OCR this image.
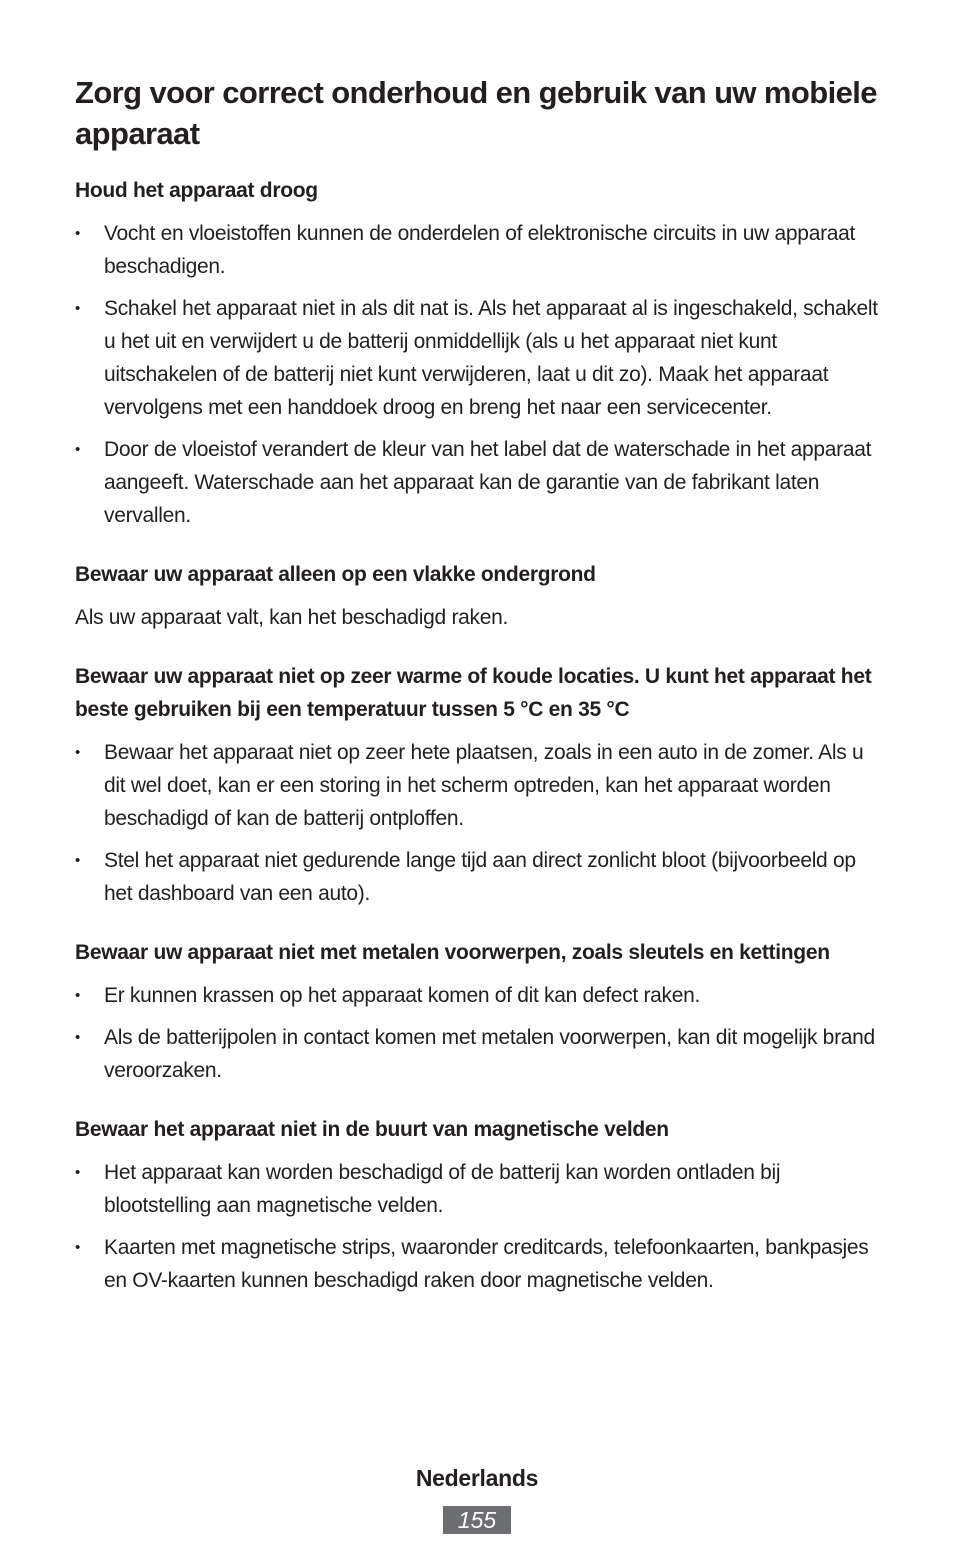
Zorg voor correct onderhoud en gebruik van uw mobiele apparaat
Houd het apparaat droog
• Vocht en vloeistoffen kunnen de onderdelen of elektronische circuits in uw apparaat beschadigen.
• Schakel het apparaat niet in als dit nat is. Als het apparaat al is ingeschakeld, schakelt u het uit en verwijdert u de batterij onmiddellijk (als u het apparaat niet kunt uitschakelen of de batterij niet kunt verwijderen, laat u dit zo). Maak het apparaat vervolgens met een handdoek droog en breng het naar een servicecenter.
• Door de vloeistof verandert de kleur van het label dat de waterschade in het apparaat aangeeft. Waterschade aan het apparaat kan de garantie van de fabrikant laten vervallen.
Bewaar uw apparaat alleen op een vlakke ondergrond

Als uw apparaat valt, kan het beschadigd raken.

Bewaar uw apparaat niet op zeer warme of koude locaties. U kunt het apparaat het beste gebruiken bij een temperatuur tussen 5 °C en 35 °C
• Bewaar het apparaat niet op zeer hete plaatsen, zoals in een auto in de zomer. Als u dit wel doet, kan er een storing in het scherm optreden, kan het apparaat worden beschadigd of kan de batterij ontploffen.
• Stel het apparaat niet gedurende lange tijd aan direct zonlicht bloot (bijvoorbeeld op het dashboard van een auto).
Bewaar uw apparaat niet met metalen voorwerpen, zoals sleutels en kettingen
• Er kunnen krassen op het apparaat komen of dit kan defect raken.
• Als de batterijpolen in contact komen met metalen voorwerpen, kan dit mogelijk brand veroorzaken.
Bewaar het apparaat niet in de buurt van magnetische velden
• Het apparaat kan worden beschadigd of de batterij kan worden ontladen bij blootstelling aan magnetische velden.
• Kaarten met magnetische strips, waaronder creditcards, telefoonkaarten, bankpasjes en OV-kaarten kunnen beschadigd raken door magnetische velden.
Nederlands
155
